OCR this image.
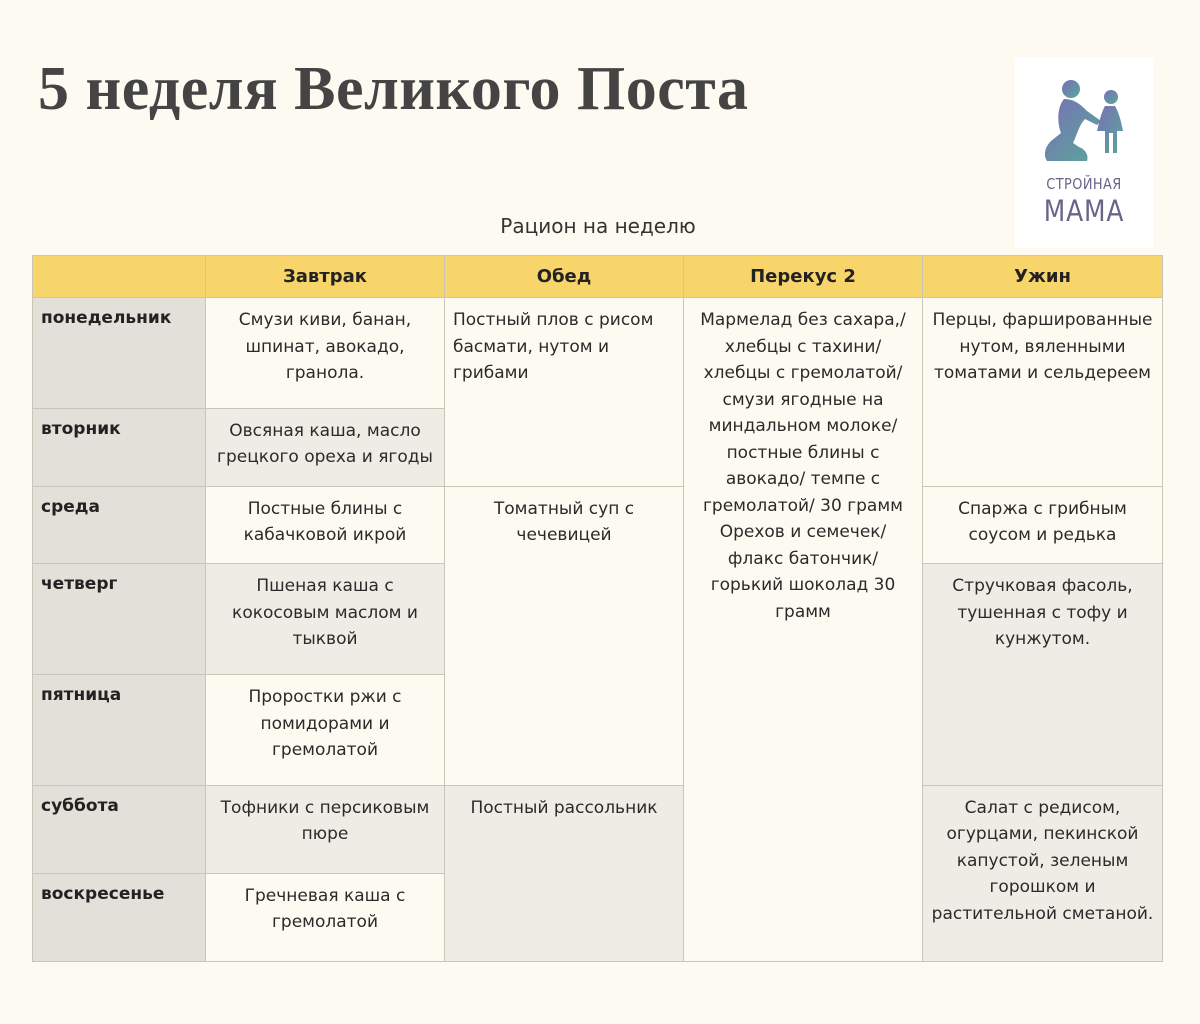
5 неделя Великого Поста
СТРОЙНАЯ
МАМА
Рацион на неделю
	Завтрак	Обед	Перекус 2	Ужин
понедельник	Смузи киви, банан, шпинат, авокадо, гранола.	Постный плов с рисом басмати, нутом и грибами	Мармелад без сахара,/ хлебцы с тахини/ хлебцы с гремолатой/ смузи ягодные на миндальном молоке/ постные блины с авокадо/ темпе с гремолатой/ 30 грамм Орехов и семечек/ флакс батончик/ горький шоколад 30 грамм	Перцы, фаршированные нутом, вяленными томатами и сельдереем
вторник	Овсяная каша, масло грецкого ореха и ягоды			
среда	Постные блины с кабачковой икрой	Томатный суп с чечевицей		Спаржа с грибным соусом и редька
четверг	Пшеная каша с кокосовым маслом и тыквой			Стручковая фасоль, тушенная с тофу и кунжутом.
пятница	Проростки ржи с помидорами и гремолатой			
суббота	Тофники с персиковым пюре	Постный рассольник		Салат с редисом, огурцами, пекинской капустой, зеленым горошком и растительной сметаной.
воскресенье	Гречневая каша с гремолатой			
